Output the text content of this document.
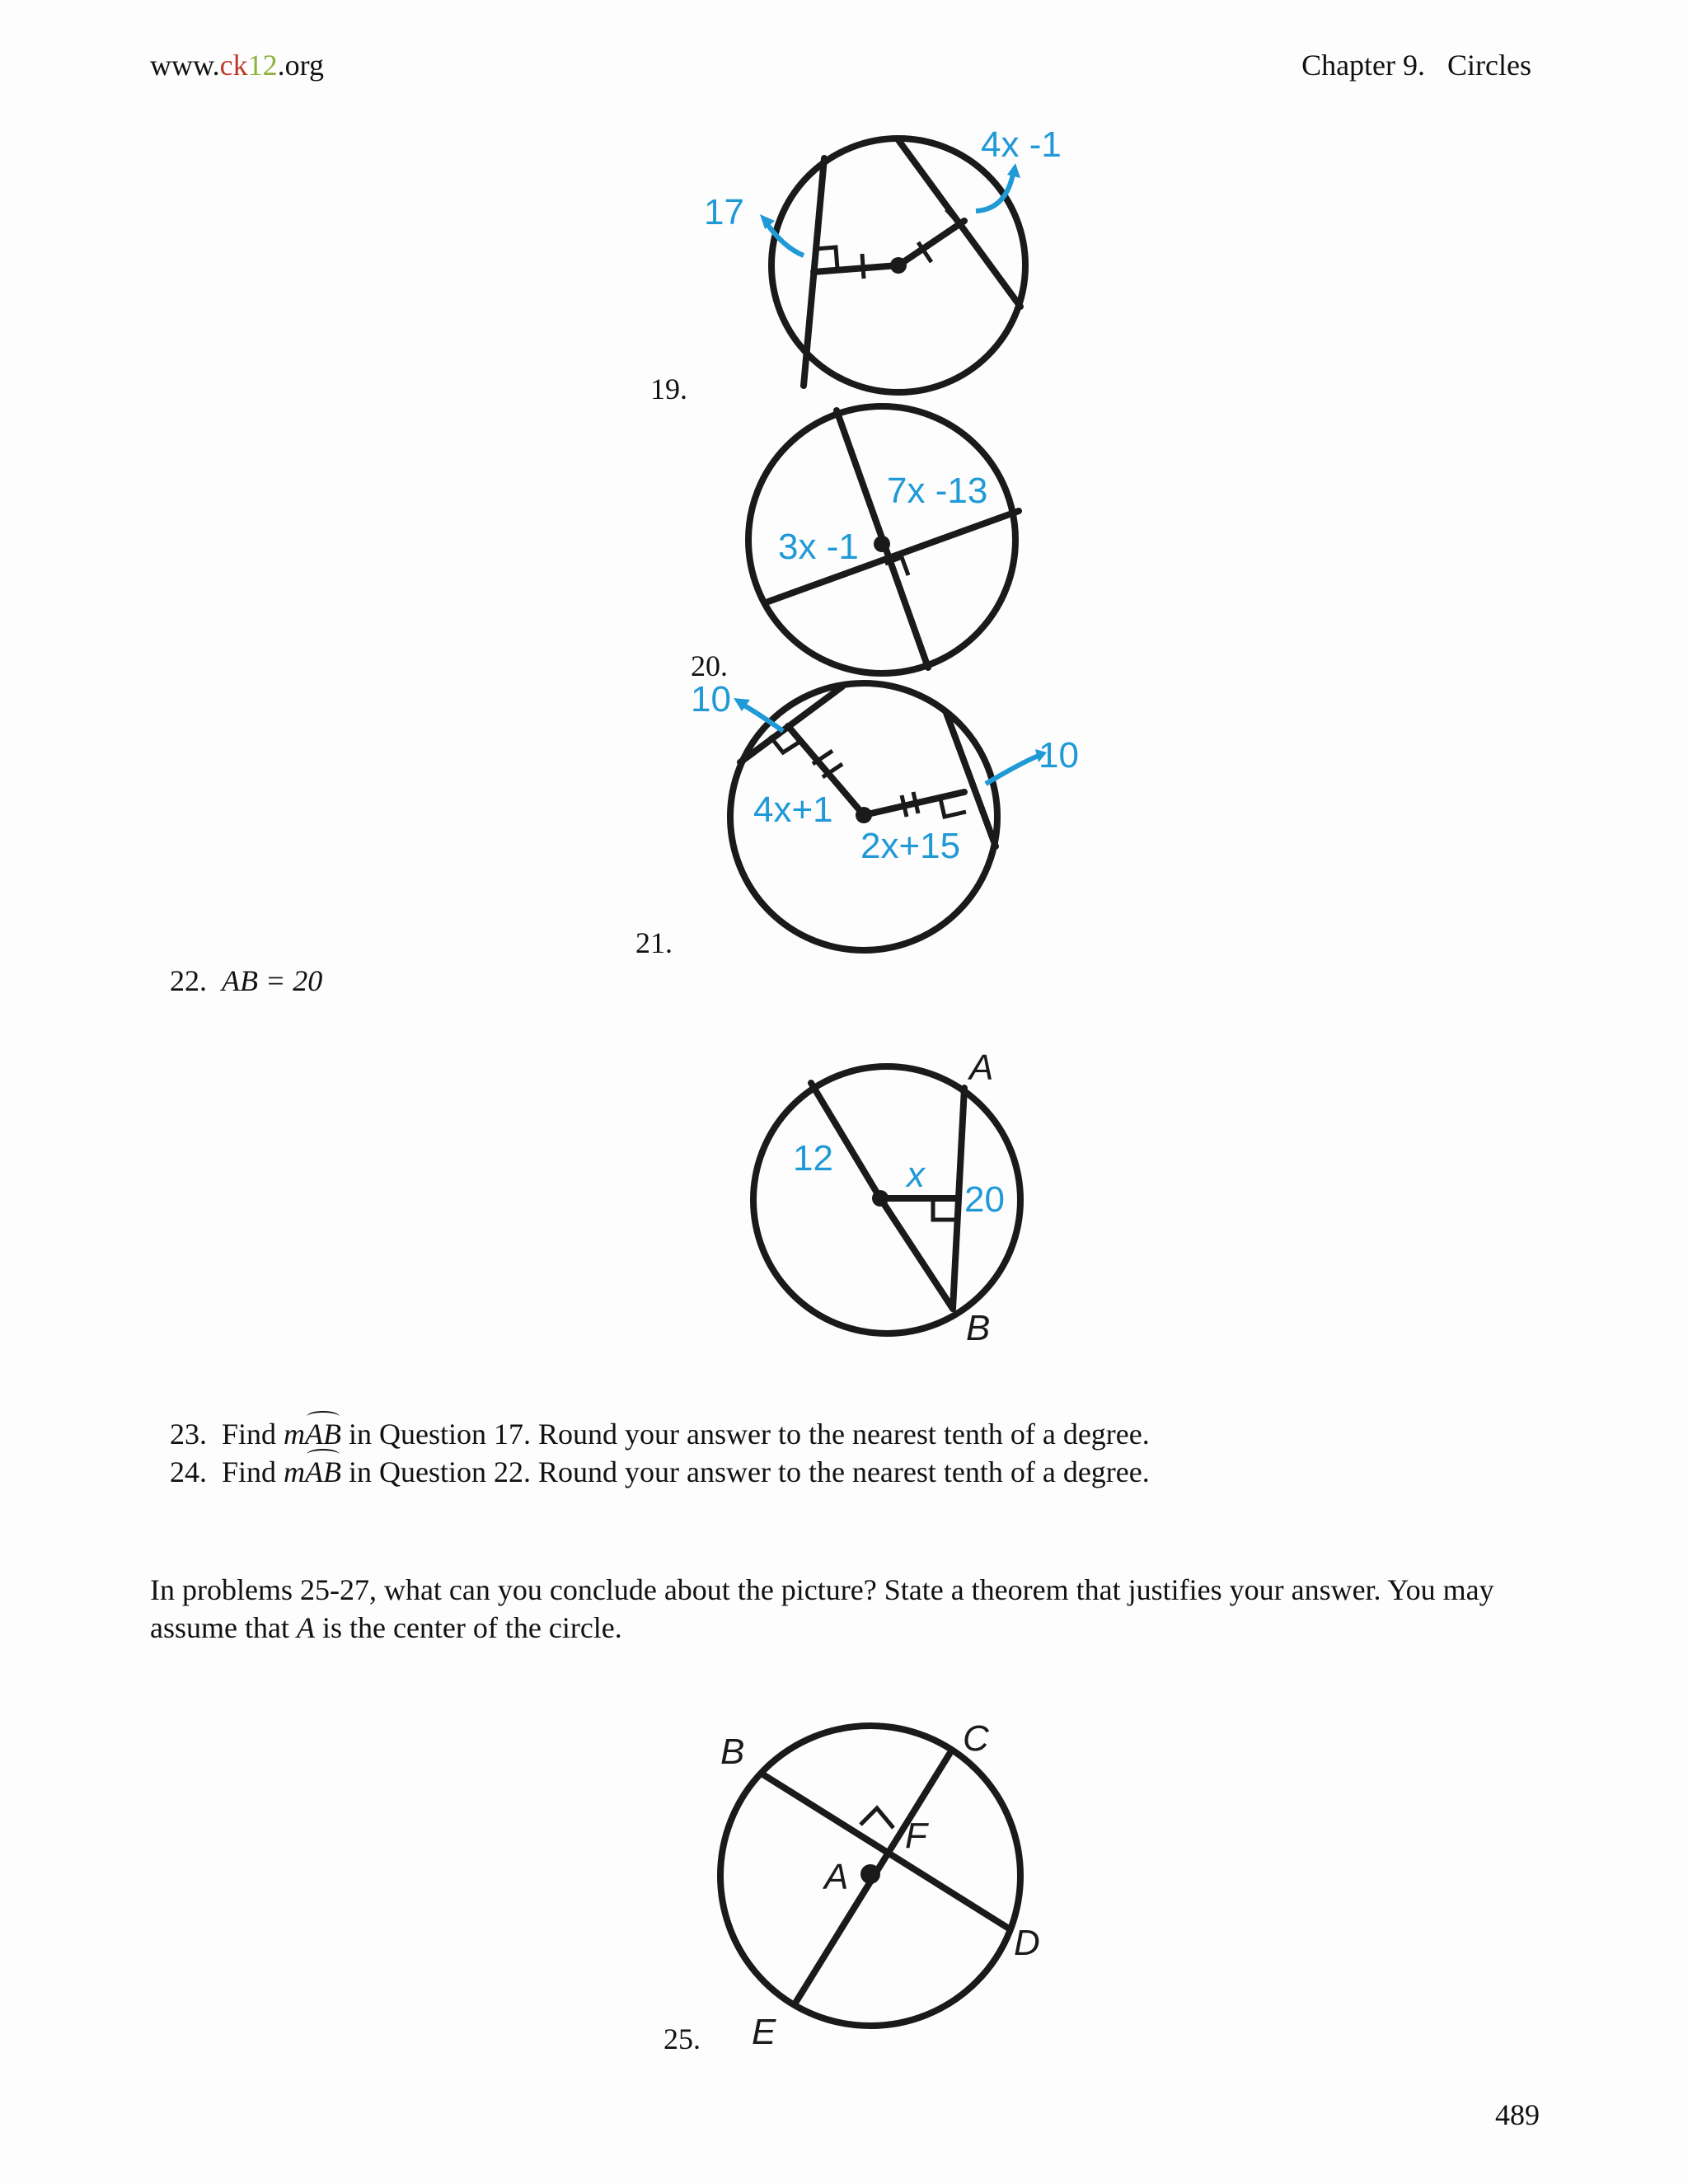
www.ck12.org	Chapter 9.   Circles
17
4x -1
19.
7x -13
3x -1
20.
10
10
4x+1
2x+15
21.
22. AB = 20
12 x
20
A
B
23. Find mAB in Question 17. Round your answer to the nearest tenth of a degree.
24. Find mAB in Question 22. Round your answer to the nearest tenth of a degree.
In problems 25-27, what can you conclude about the picture? State a theorem that justifies your answer. You may
assume that A is the center of the circle.
B	C
F
A
D
E
25.
489
